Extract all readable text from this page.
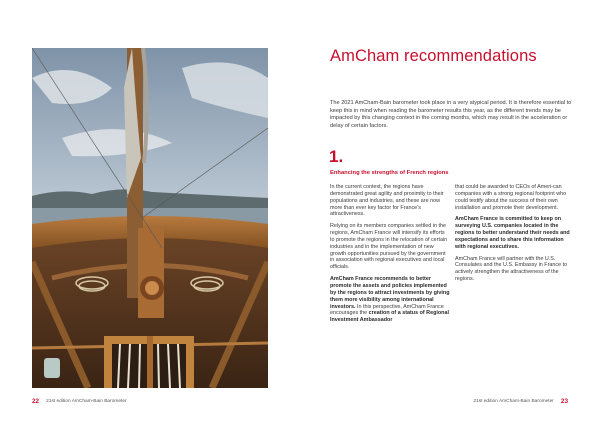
AmCham recommendations
The 2021 AmCham-Bain barometer took place in a very atypical period. It is therefore essential to keep this in mind when reading the barometer results this year, as the different trends may be impacted by this changing context in the coming months, which may result in the acceleration or delay of certain factors.
1.
Enhancing the strengths of French regions

In the current context, the regions have demonstrated great agility and proximity to their populations and industries, and these are now more than ever key factor for France's attractiveness.

Relying on its members companies settled in the regions, AmCham France will intensify its efforts to promote the regions in the relocation of certain industries and in the implementation of new growth opportunities pursued by the government in association with regional executives and local officials.

AmCham France recommends to better promote the assets and policies implemented by the regions to attract investments by giving them more visibility among international investors. In this perspective, AmCham France encourages the creation of a status of Regional Investment Ambassador

that could be awarded to CEOs of Ameri-can companies with a strong regional footprint who could testify about the success of their own installation and promote their development.

AmCham France is committed to keep on surveying U.S. companies located in the regions to better understand their needs and expectations and to share this information with regional executives.

AmCham France will partner with the U.S. Consulates and the U.S. Embassy in France to actively strengthen the attractiveness of the regions.

22 21st edition AmCham-Bain Barometer	21st edition AmCham-Bain Barometer 23
